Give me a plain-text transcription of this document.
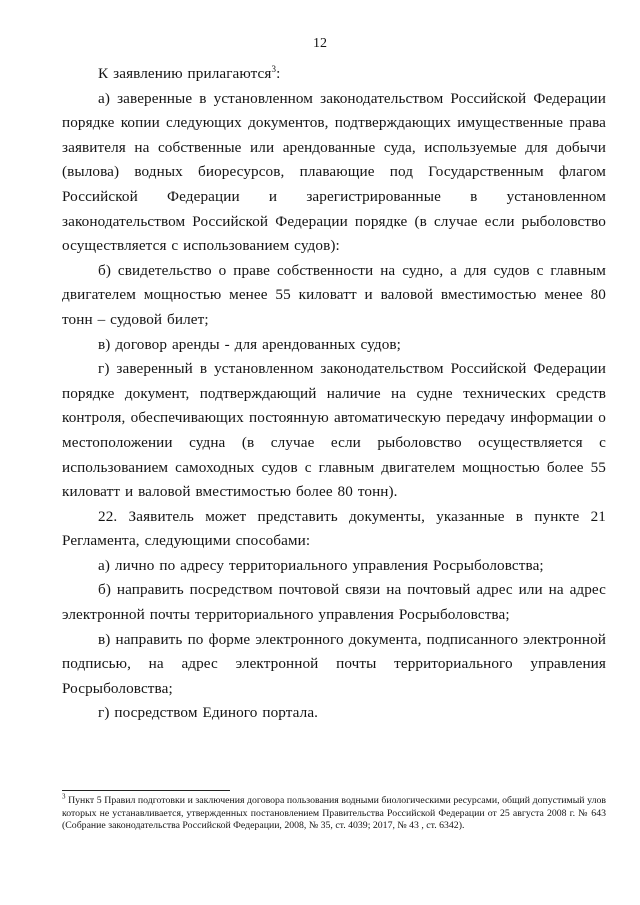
12

К заявлению прилагаются$^3$:

а) заверенные в установленном законодательством Российской Федерации порядке копии следующих документов, подтверждающих имущественные права заявителя на собственные или арендованные суда, используемые для добычи (вылова) водных биоресурсов, плавающие под Государственным флагом Российской Федерации и зарегистрированные в установленном законодательством Российской Федерации порядке (в случае если рыболовство осуществляется с использованием судов):

б) свидетельство о праве собственности на судно, а для судов с главным двигателем мощностью менее 55 киловатт и валовой вместимостью менее 80 тонн – судовой билет;

в) договор аренды - для арендованных судов;

г) заверенный в установленном законодательством Российской Федерации порядке документ, подтверждающий наличие на судне технических средств контроля, обеспечивающих постоянную автоматическую передачу информации о местоположении судна (в случае если рыболовство осуществляется с использованием самоходных судов с главным двигателем мощностью более 55 киловатт и валовой вместимостью более 80 тонн).

22. Заявитель может представить документы, указанные в пункте 21 Регламента, следующими способами:

а) лично по адресу территориального управления Росрыболовства;

б) направить посредством почтовой связи на почтовый адрес или на адрес электронной почты территориального управления Росрыболовства;

в) направить по форме электронного документа, подписанного электронной подписью, на адрес электронной почты территориального управления Росрыболовства;

г) посредством Единого портала.

$^3$ Пункт 5 Правил подготовки и заключения договора пользования водными биологическими ресурсами, общий допустимый улов которых не устанавливается, утвержденных постановлением Правительства Российской Федерации от 25 августа 2008 г. № 643 (Собрание законодательства Российской Федерации, 2008, № 35, ст. 4039; 2017, № 43 , ст. 6342).
